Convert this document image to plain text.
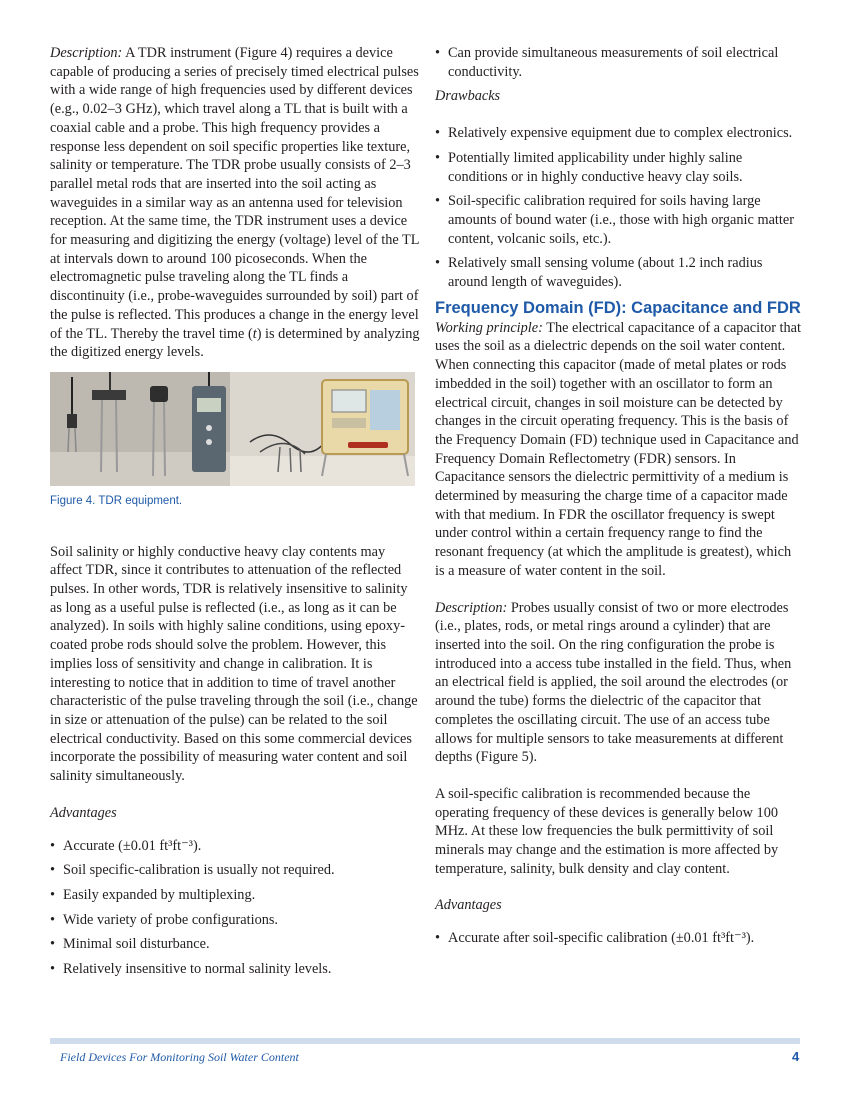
Description: A TDR instrument (Figure 4) requires a device capable of producing a series of precisely timed electrical pulses with a wide range of high frequencies used by different devices (e.g., 0.02–3 GHz), which travel along a TL that is built with a coaxial cable and a probe. This high frequency provides a response less dependent on soil specific properties like texture, salinity or temperature. The TDR probe usually consists of 2–3 parallel metal rods that are inserted into the soil acting as waveguides in a similar way as an antenna used for television reception. At the same time, the TDR instrument uses a device for measuring and digitizing the energy (voltage) level of the TL at intervals down to around 100 picoseconds. When the electromagnetic pulse traveling along the TL finds a discontinuity (i.e., probe-waveguides surrounded by soil) part of the pulse is reflected. This produces a change in the energy level of the TL. Thereby the travel time (t) is determined by analyzing the digitized energy levels.

Figure 4. TDR equipment.

Soil salinity or highly conductive heavy clay contents may affect TDR, since it contributes to attenuation of the reflected pulses. In other words, TDR is relatively insensitive to salinity as long as a useful pulse is reflected (i.e., as long as it can be analyzed). In soils with highly saline conditions, using epoxy-coated probe rods should solve the problem. However, this implies loss of sensitivity and change in calibration. It is interesting to notice that in addition to time of travel another characteristic of the pulse traveling through the soil (i.e., change in size or attenuation of the pulse) can be related to the soil electrical conductivity. Based on this some commercial devices incorporate the possibility of measuring water content and soil salinity simultaneously.

Advantages

• Accurate (±0.01 ft³ft⁻³).
• Soil specific-calibration is usually not required.
• Easily expanded by multiplexing.
• Wide variety of probe configurations.
• Minimal soil disturbance.
• Relatively insensitive to normal salinity levels.
• Can provide simultaneous measurements of soil electrical conductivity.

Drawbacks

• Relatively expensive equipment due to complex electronics.
• Potentially limited applicability under highly saline conditions or in highly conductive heavy clay soils.
• Soil-specific calibration required for soils having large amounts of bound water (i.e., those with high organic matter content, volcanic soils, etc.).
• Relatively small sensing volume (about 1.2 inch radius around length of waveguides).
Frequency Domain (FD): Capacitance and FDR

Working principle: The electrical capacitance of a capacitor that uses the soil as a dielectric depends on the soil water content. When connecting this capacitor (made of metal plates or rods imbedded in the soil) together with an oscillator to form an electrical circuit, changes in soil moisture can be detected by changes in the circuit operating frequency. This is the basis of the Frequency Domain (FD) technique used in Capacitance and Frequency Domain Reflectometry (FDR) sensors. In Capacitance sensors the dielectric permittivity of a medium is determined by measuring the charge time of a capacitor made with that medium. In FDR the oscillator frequency is swept under control within a certain frequency range to find the resonant frequency (at which the amplitude is greatest), which is a measure of water content in the soil.

Description: Probes usually consist of two or more electrodes (i.e., plates, rods, or metal rings around a cylinder) that are inserted into the soil. On the ring configuration the probe is introduced into a access tube installed in the field. Thus, when an electrical field is applied, the soil around the electrodes (or around the tube) forms the dielectric of the capacitor that completes the oscillating circuit. The use of an access tube allows for multiple sensors to take measurements at different depths (Figure 5).

A soil-specific calibration is recommended because the operating frequency of these devices is generally below 100 MHz. At these low frequencies the bulk permittivity of soil minerals may change and the estimation is more affected by temperature, salinity, bulk density and clay content.

Advantages

• Accurate after soil-specific calibration (±0.01 ft³ft⁻³).
Field Devices For Monitoring Soil Water Content	4
